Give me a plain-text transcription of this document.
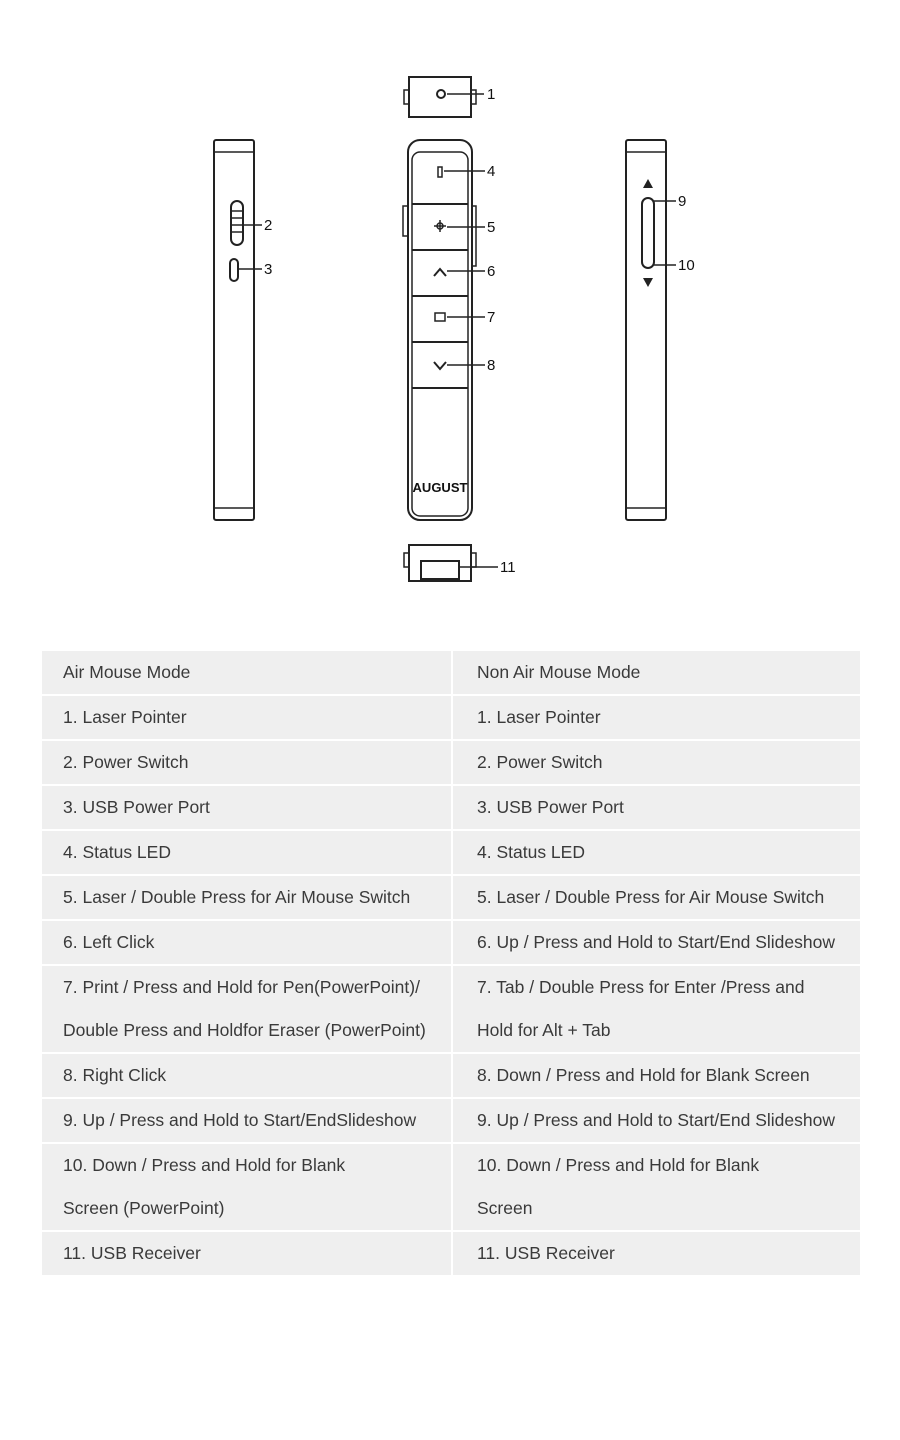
AUGUST
1
2
3
4
5
6
7
8
9
10
11
Air Mouse Mode	Non Air Mouse Mode

1. Laser Pointer	1. Laser Pointer

2. Power Switch	2. Power Switch

3. USB Power Port	3. USB Power Port

4. Status LED	4. Status LED

5. Laser / Double Press for Air Mouse Switch	5. Laser / Double Press for Air Mouse Switch

6. Left Click	6. Up / Press and Hold to Start/End Slideshow

7. Print / Press and Hold for Pen(PowerPoint)/
Double Press and Holdfor Eraser (PowerPoint)	7. Tab / Double Press for Enter /Press and
Hold for Alt + Tab

8. Right Click	8. Down / Press and Hold for Blank Screen

9. Up / Press and Hold to Start/EndSlideshow	9. Up / Press and Hold to Start/End Slideshow

10. Down / Press and Hold for Blank
Screen (PowerPoint)	10. Down / Press and Hold for Blank
Screen

11. USB Receiver	11. USB Receiver
